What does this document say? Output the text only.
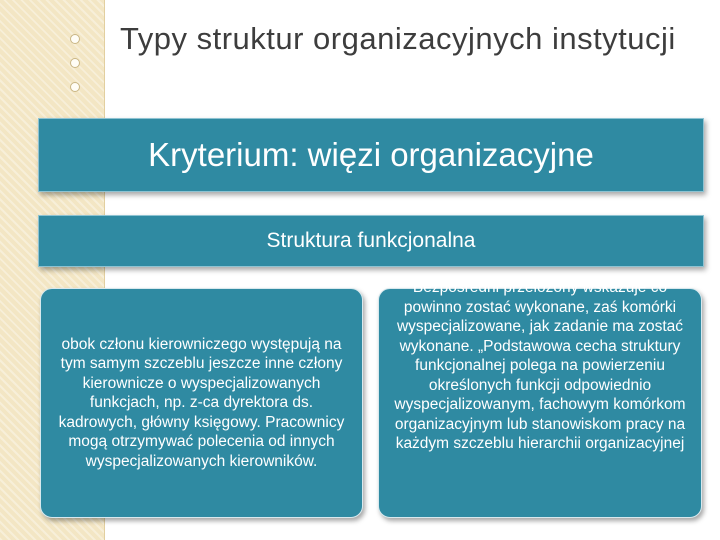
Typy struktur organizacyjnych instytucji
Kryterium: więzi organizacyjne
Struktura funkcjonalna
obok członu kierowniczego występują na tym samym szczeblu jeszcze inne człony kierownicze o wyspecjalizowanych funkcjach, np. z-ca dyrektora ds. kadrowych, główny księgowy. Pracownicy mogą otrzymywać polecenia od innych wyspecjalizowanych kierowników.
Bezpośredni przełożony wskazuje co powinno zostać wykonane, zaś komórki wyspecjalizowane, jak zadanie ma zostać wykonane. „Podstawowa cecha struktury funkcjonalnej polega na powierzeniu określonych funkcji odpowiednio wyspecjalizowanym, fachowym komórkom organizacyjnym lub stanowiskom pracy na każdym szczeblu hierarchii organizacyjnej
